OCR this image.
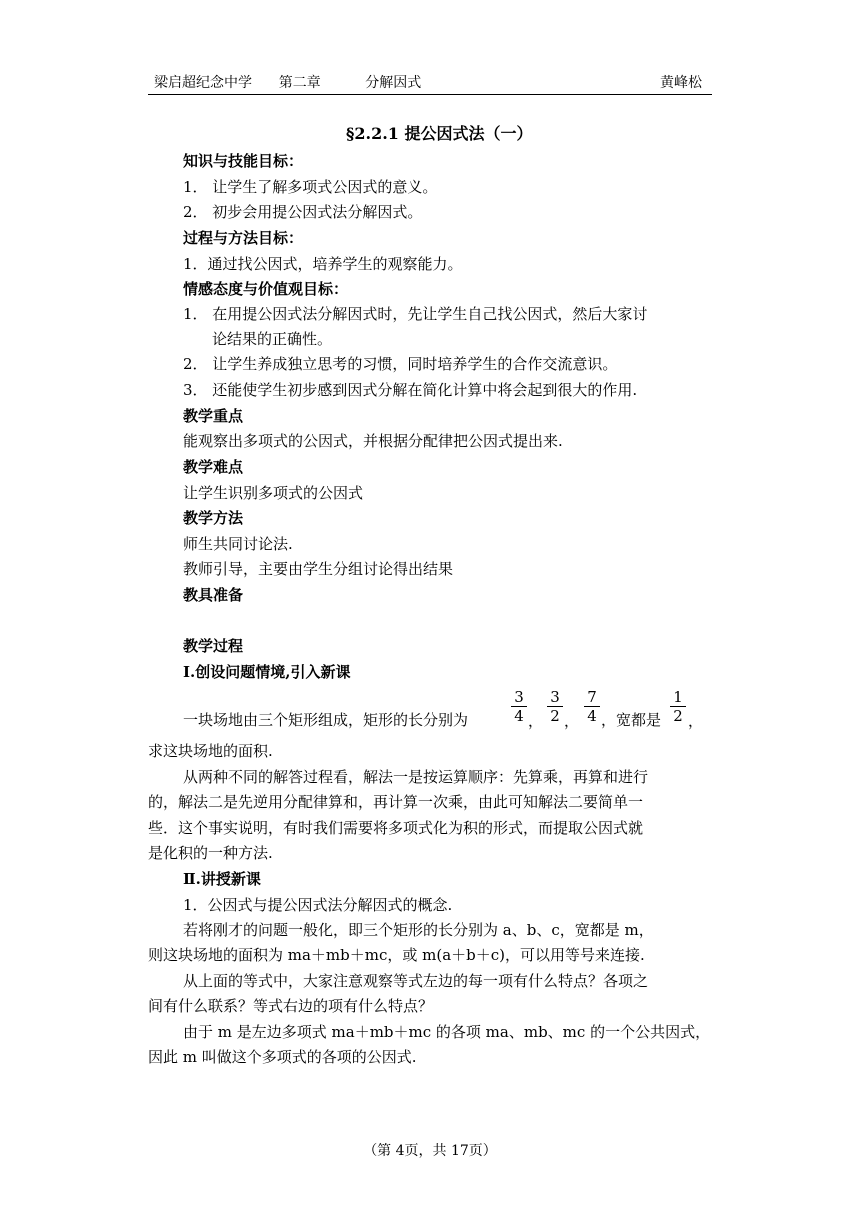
梁启超纪念中学      第二章          分解因式	黄峰松
§2.2.1 提公因式法（一）
知识与技能目标：
1． 让学生了解多项式公因式的意义。
2． 初步会用提公因式法分解因式。
过程与方法目标：
1．通过找公因式，培养学生的观察能力。
情感态度与价值观目标：
1． 在用提公因式法分解因式时，先让学生自己找公因式，然后大家讨
论结果的正确性。
2． 让学生养成独立思考的习惯，同时培养学生的合作交流意识。
3． 还能使学生初步感到因式分解在简化计算中将会起到很大的作用.
教学重点
能观察出多项式的公因式，并根据分配律把公因式提出来.
教学难点
让学生识别多项式的公因式
教学方法
师生共同讨论法.
教师引导，主要由学生分组讨论得出结果
教具准备
教学过程
Ⅰ.创设问题情境,引入新课
一块场地由三个矩形组成，矩形的长分别为	$\frac{3}{4}$ ， $\frac{3}{2}$ ， $\frac{7}{4}$ ，宽都是 $\frac{1}{2}$ ，
求这块场地的面积.
从两种不同的解答过程看，解法一是按运算顺序：先算乘，再算和进行
的，解法二是先逆用分配律算和，再计算一次乘，由此可知解法二要简单一
些．这个事实说明，有时我们需要将多项式化为积的形式，而提取公因式就
是化积的一种方法.
Ⅱ.讲授新课
1．公因式与提公因式法分解因式的概念.
若将刚才的问题一般化，即三个矩形的长分别为 a、b、c，宽都是 m，
则这块场地的面积为 ma＋mb＋mc，或 m(a＋b＋c)，可以用等号来连接.
从上面的等式中，大家注意观察等式左边的每一项有什么特点？各项之
间有什么联系？等式右边的项有什么特点？
由于 m 是左边多项式 ma＋mb＋mc 的各项 ma、mb、mc 的一个公共因式，
因此 m 叫做这个多项式的各项的公因式.
（第 4页，共 17页）
